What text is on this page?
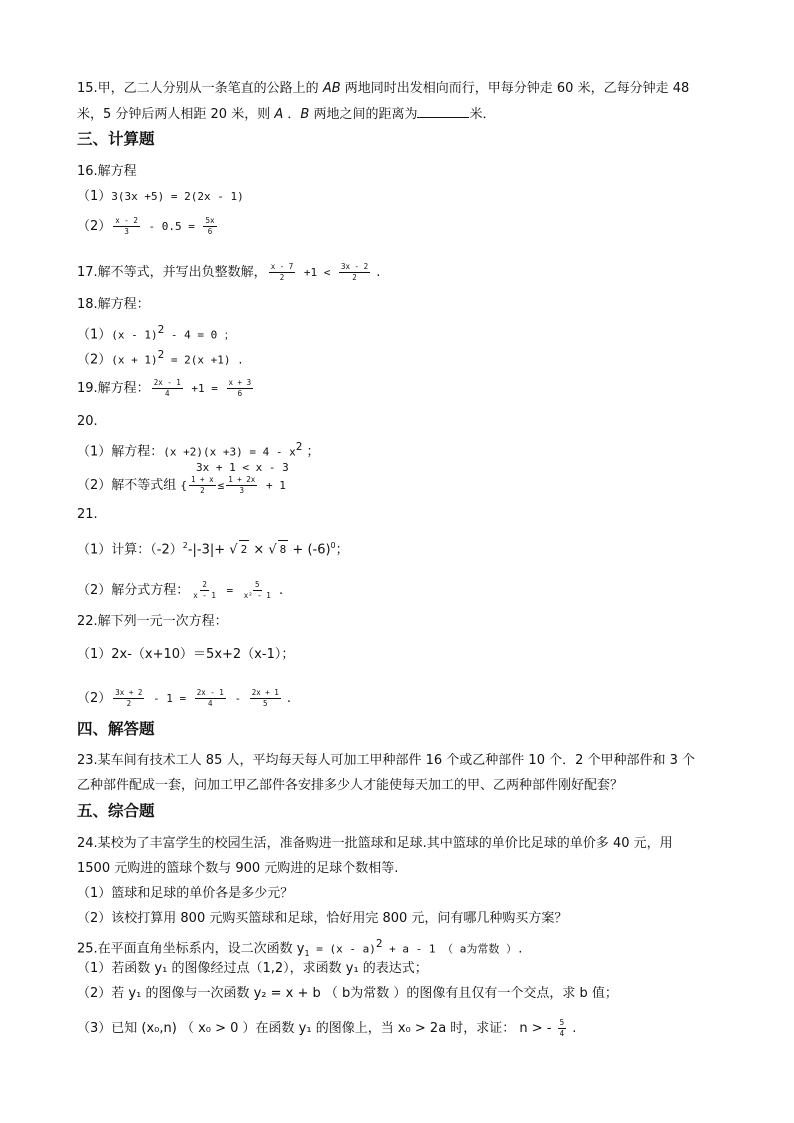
15.甲，乙二人分别从一条笔直的公路上的 AB 两地同时出发相向而行，甲每分钟走 60 米，乙每分钟走 48
米，5 分钟后两人相距 20 米，则 A ．B 两地之间的距离为	米．
三、计算题
16.解方程
（1）3(3x +5) = 2(2x - 1)
$(2) \frac{x - 2}{3} - 0.5 = \frac{5x}{6}$
17.解不等式，并写出负整数解， $\frac{x - 7}{2} +1 < \frac{3x - 2}{2}$ .
18.解方程：
（1）(x - 1)$^2$ - 4 = 0 ；
$(2)(x + 1)^2 = 2(x +1)$ .
19.解方程： $\frac{2x - 1}{4} +1 = \frac{x + 3}{6}$
20.
（1）解方程：$(x +2)(x +3) = 4 - x^2$ ；
3x + 1 < x - 3
（2）解不等式组 { $\frac{1 + x}{2} \le \frac{1 + 2x}{3} + 1$
21.
（1）计算：$(-2)^2-|-3|+$ √ 2 × √ $8 + (-6)^0$；
（2）解分式方程： $\frac{2}{x - 1} = \frac{5}{\text{x² - 1}}$ .
22.解下列一元一次方程：
（1）2x-（x+10）＝5x+2（x-1）；
$(2) \frac{3x + 2}{2} - 1 = \frac{2x - 1}{4} - \frac{2x + 1}{5}$ .
四、解答题
23.某车间有技术工人 85 人，平均每天每人可加工甲种部件 16 个或乙种部件 10 个．2 个甲种部件和 3 个
乙种部件配成一套，问加工甲乙部件各安排多少人才能使每天加工的甲、乙两种部件刚好配套？
五、综合题
24.某校为了丰富学生的校园生活，准备购进一批篮球和足球.其中篮球的单价比足球的单价多 40 元，用
1500 元购进的篮球个数与 900 元购进的足球个数相等.
（1）篮球和足球的单价各是多少元？
（2）该校打算用 800 元购买篮球和足球，恰好用完 800 元，问有哪几种购买方案？
25.在平面直角坐标系内，设二次函数 $y_1 = (x - a)^2 + a - 1$ （ a为常数 ）.
（1）若函数 y₁ 的图像经过点（1,2），求函数 y₁ 的表达式；
（2）若 y₁ 的图像与一次函数 y₂ = x + b （ b为常数 ）的图像有且仅有一个交点，求 b 值；
（3）已知 (x₀,n) （ x₀ > 0 ）在函数 y₁ 的图像上，当 x₀ > 2a 时，求证： n > - $\frac{5}{4}$ .
